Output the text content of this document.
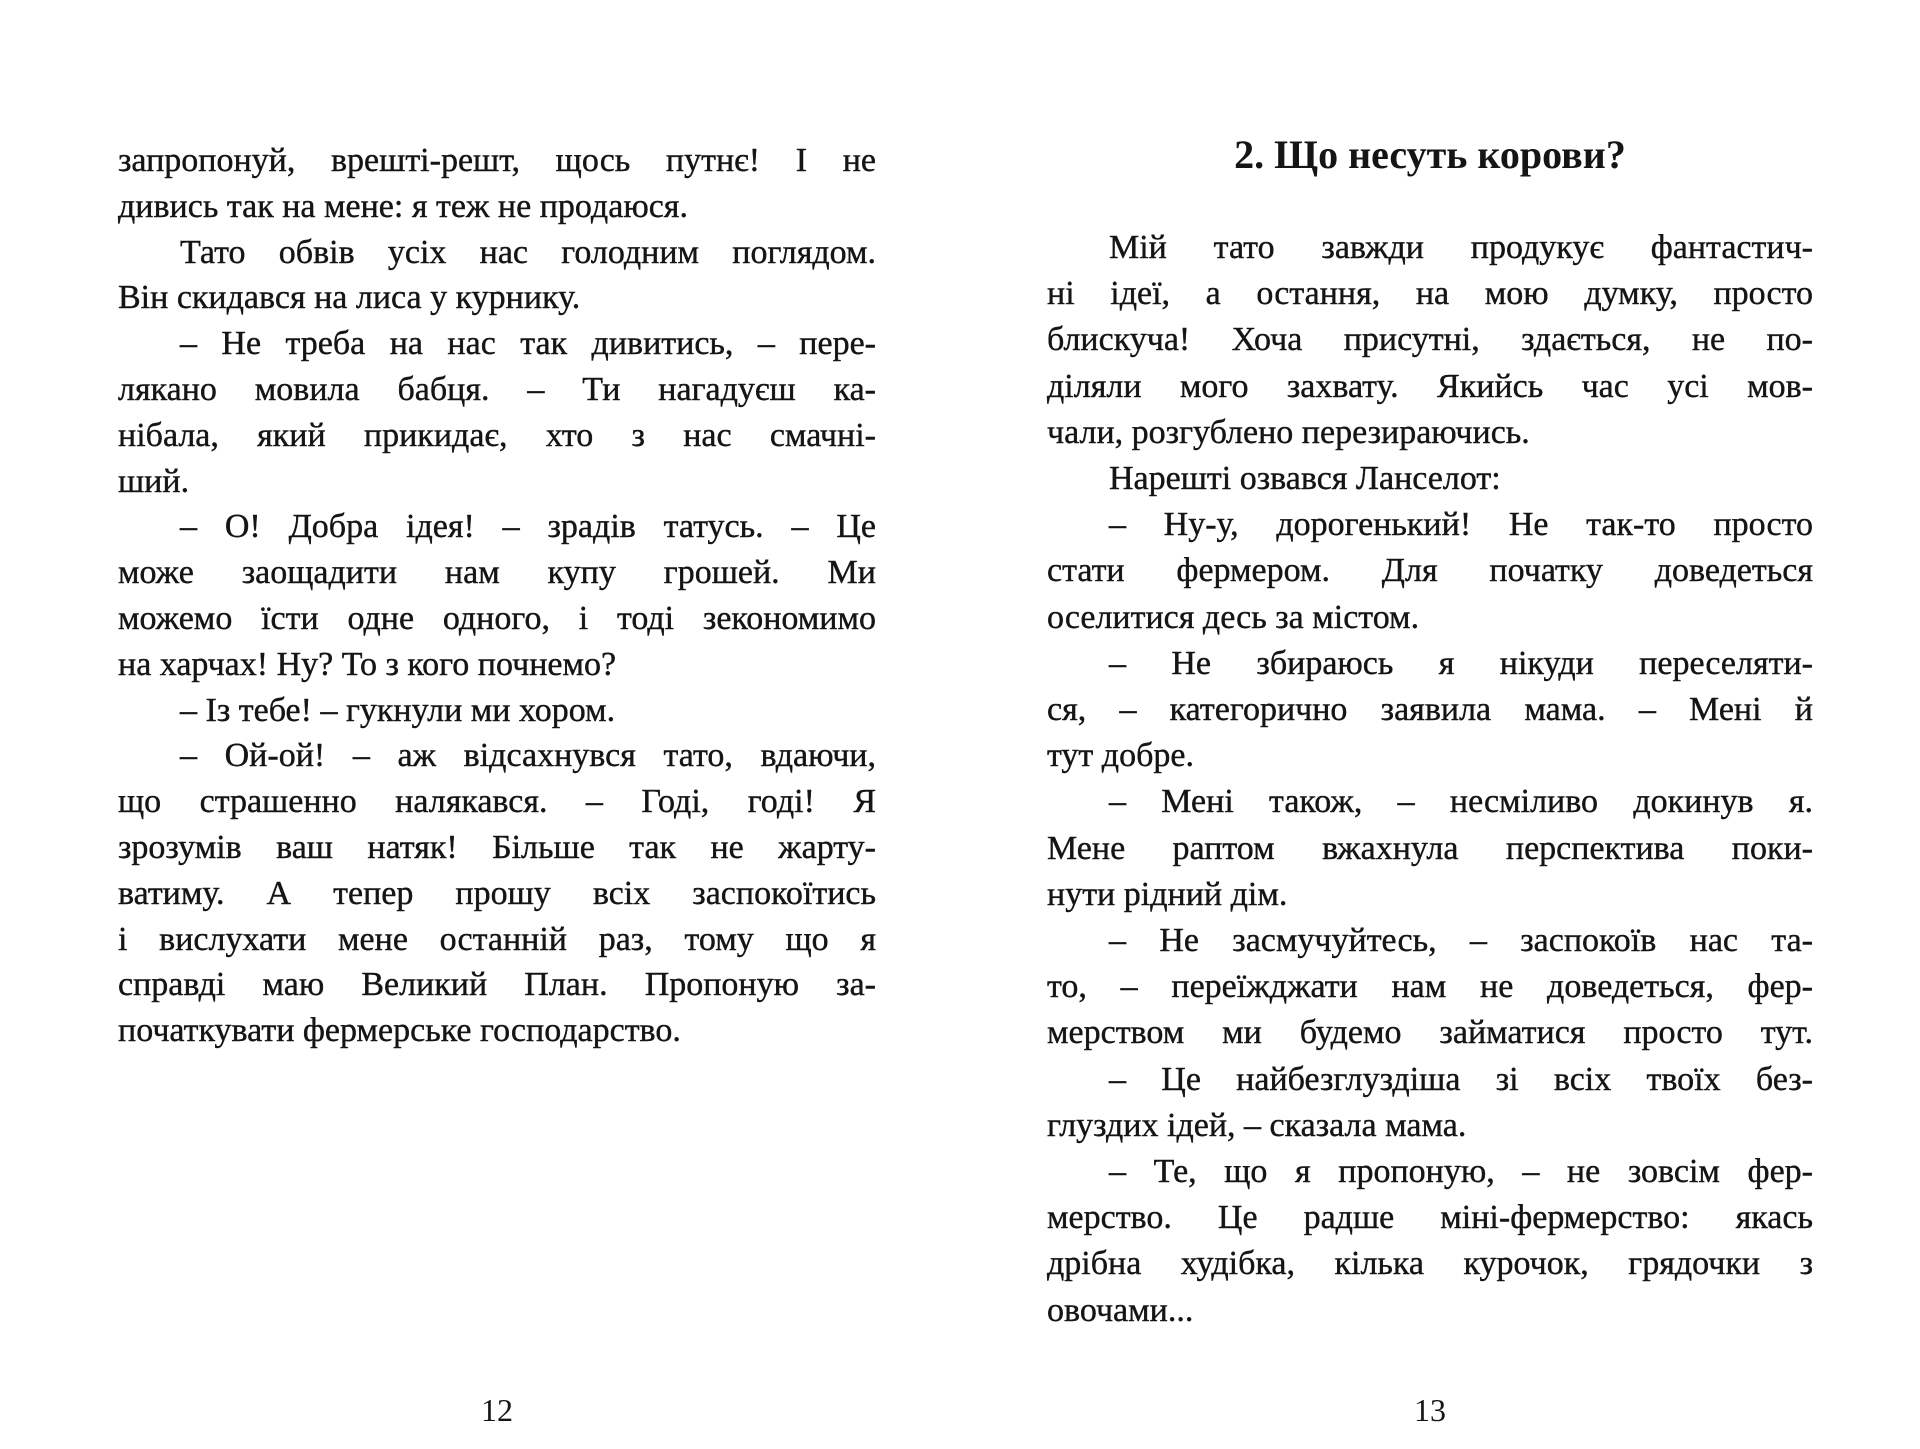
запропонуй, врешті-решт, щось путнє! І не
дивись так на мене: я теж не продаюся.
Тато обвів усіх нас голодним поглядом.
Він скидався на лиса у курнику.
– Не треба на нас так дивитись, – пере-
лякано мовила бабця. – Ти нагадуєш ка-
нібала, який прикидає, хто з нас смачні-
ший.
– О! Добра ідея! – зрадів татусь. – Це
може заощадити нам купу грошей. Ми
можемо їсти одне одного, і тоді зекономимо
на харчах! Ну? То з кого почнемо?
– Із тебе! – гукнули ми хором.
– Ой-ой! – аж відсахнувся тато, вдаючи,
що страшенно налякався. – Годі, годі! Я
зрозумів ваш натяк! Більше так не жарту-
ватиму. А тепер прошу всіх заспокоїтись
і вислухати мене останній раз, тому що я
справді маю Великий План. Пропоную за-
початкувати фермерське господарство.
12
2. Що несуть корови?
Мій тато завжди продукує фантастич-
ні ідеї, а остання, на мою думку, просто
блискуча! Хоча присутні, здається, не по-
діляли мого захвату. Якийсь час усі мов-
чали, розгублено перезираючись.
Нарешті озвався Ланселот:
– Ну-у, дорогенький! Не так-то просто
стати фермером. Для початку доведеться
оселитися десь за містом.
– Не збираюсь я нікуди переселяти-
ся, – категорично заявила мама. – Мені й
тут добре.
– Мені також, – несміливо докинув я.
Мене раптом вжахнула перспектива поки-
нути рідний дім.
– Не засмучуйтесь, – заспокоїв нас та-
то, – переїжджати нам не доведеться, фер-
мерством ми будемо займатися просто тут.
– Це найбезглуздіша зі всіх твоїх без-
глуздих ідей, – сказала мама.
– Те, що я пропоную, – не зовсім фер-
мерство. Це радше міні-фермерство: якась
дрібна худібка, кілька курочок, грядочки з
овочами...
13
